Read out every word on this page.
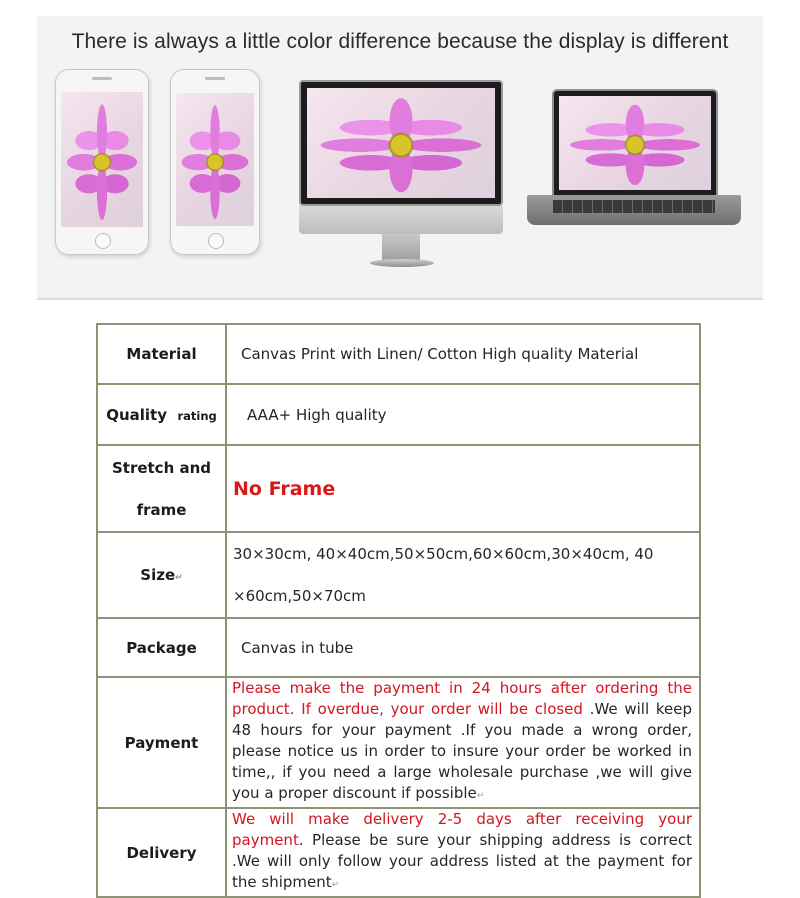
There is always a little color difference because the display is different
Material	Canvas Print with Linen/ Cotton High quality Material
Quality rating	AAA+ High quality

Stretch and
frame	No Frame
Size↵	30×30cm, 40×40cm,50×50cm,60×60cm,30×40cm, 40
×60cm,50×70cm

Package	Canvas in tube
Payment	Please make the payment in 24 hours after ordering the product. If overdue, your order will be closed .We will keep 48 hours for your payment .If you made a wrong order, please notice us in order to insure your order be worked in time,, if you need a large wholesale purchase ,we will give you a proper discount if possible↵
Delivery	We will make delivery 2-5 days after receiving your payment. Please be sure your shipping address is correct .We will only follow your address listed at the payment for the shipment↵
